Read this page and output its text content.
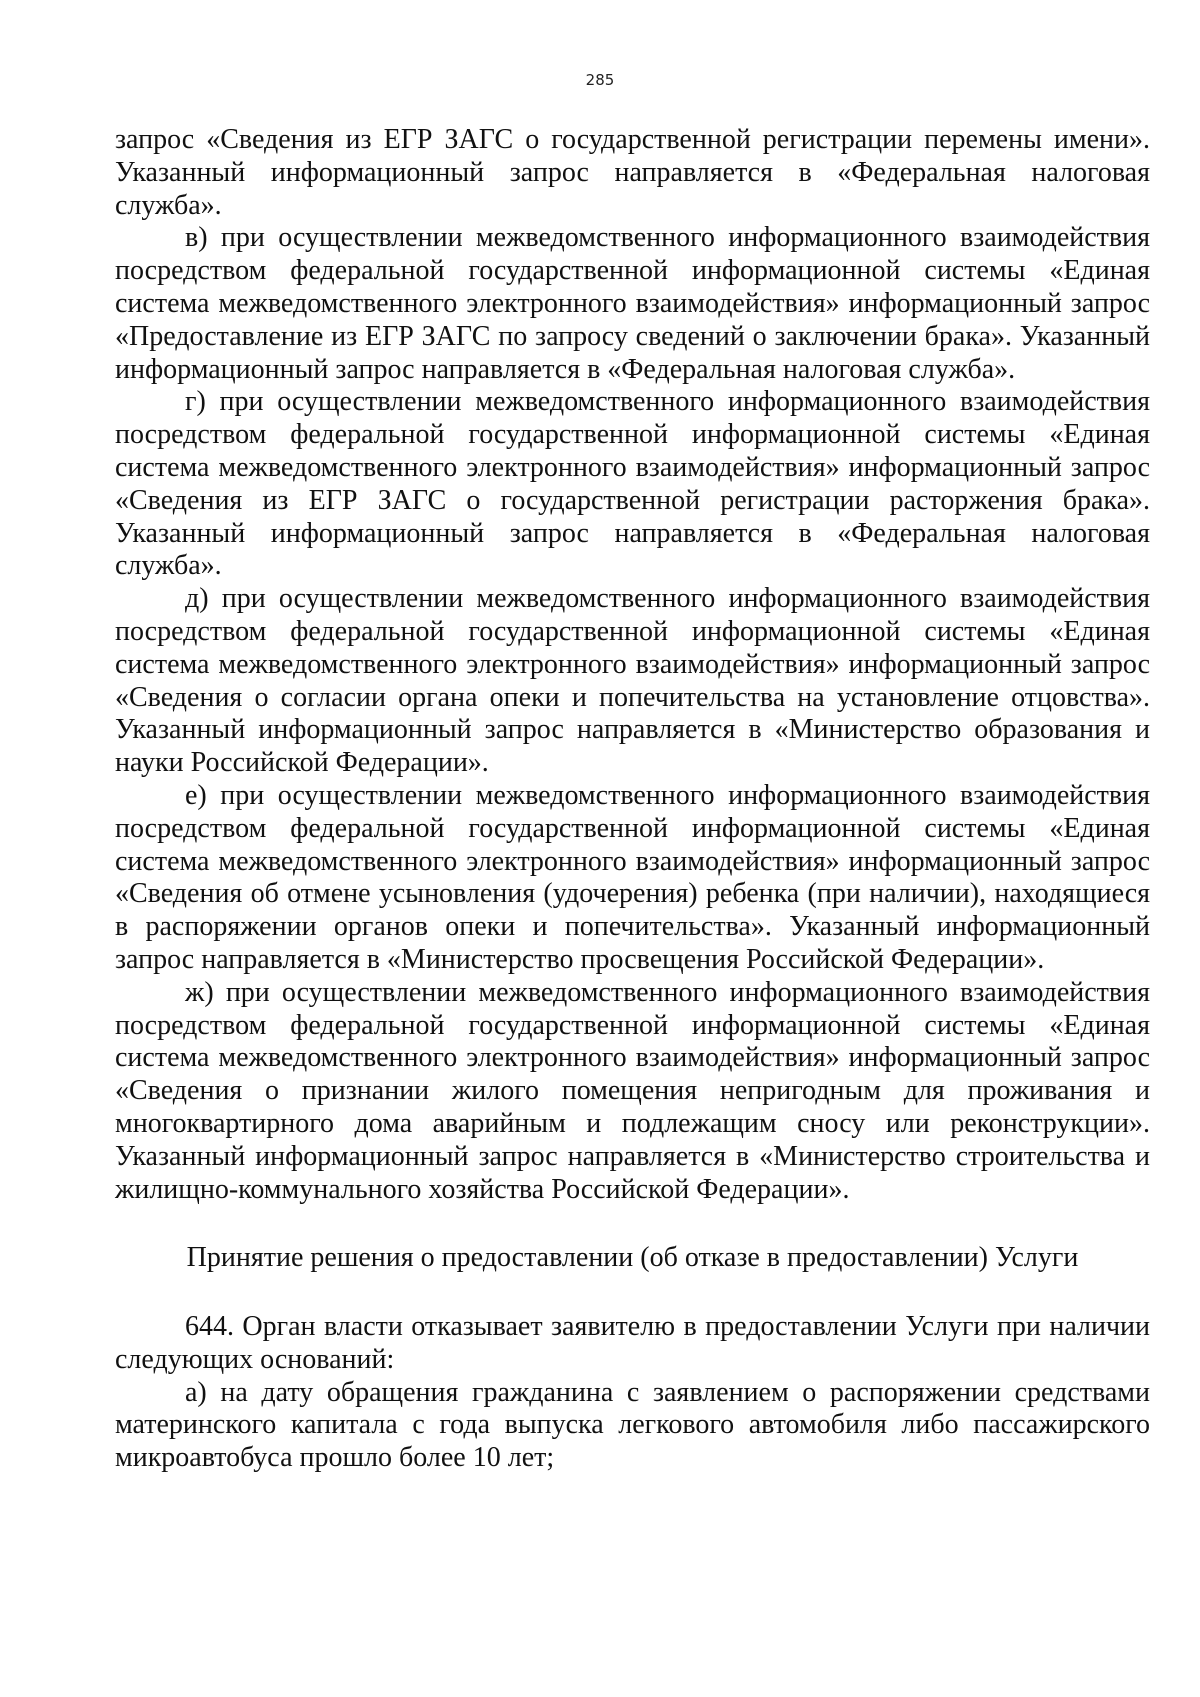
285

запрос «Сведения из ЕГР ЗАГС о государственной регистрации перемены имени». Указанный информационный запрос направляется в «Федеральная налоговая служба».

в) при осуществлении межведомственного информационного взаимодействия посредством федеральной государственной информационной системы «Единая система межведомственного электронного взаимодействия» информационный запрос «Предоставление из ЕГР ЗАГС по запросу сведений о заключении брака». Указанный информационный запрос направляется в «Федеральная налоговая служба».

г) при осуществлении межведомственного информационного взаимодействия посредством федеральной государственной информационной системы «Единая система межведомственного электронного взаимодействия» информационный запрос «Сведения из ЕГР ЗАГС о государственной регистрации расторжения брака». Указанный информационный запрос направляется в «Федеральная налоговая служба».

д) при осуществлении межведомственного информационного взаимодействия посредством федеральной государственной информационной системы «Единая система межведомственного электронного взаимодействия» информационный запрос «Сведения о согласии органа опеки и попечительства на установление отцовства». Указанный информационный запрос направляется в «Министерство образования и науки Российской Федерации».

е) при осуществлении межведомственного информационного взаимодействия посредством федеральной государственной информационной системы «Единая система межведомственного электронного взаимодействия» информационный запрос «Сведения об отмене усыновления (удочерения) ребенка (при наличии), находящиеся в распоряжении органов опеки и попечительства». Указанный информационный запрос направляется в «Министерство просвещения Российской Федерации».

ж) при осуществлении межведомственного информационного взаимодействия посредством федеральной государственной информационной системы «Единая система межведомственного электронного взаимодействия» информационный запрос «Сведения о признании жилого помещения непригодным для проживания и многоквартирного дома аварийным и подлежащим сносу или реконструкции». Указанный информационный запрос направляется в «Министерство строительства и жилищно-коммунального хозяйства Российской Федерации».

Принятие решения о предоставлении (об отказе в предоставлении) Услуги

644. Орган власти отказывает заявителю в предоставлении Услуги при наличии следующих оснований:

а) на дату обращения гражданина с заявлением о распоряжении средствами материнского капитала с года выпуска легкового автомобиля либо пассажирского микроавтобуса прошло более 10 лет;
